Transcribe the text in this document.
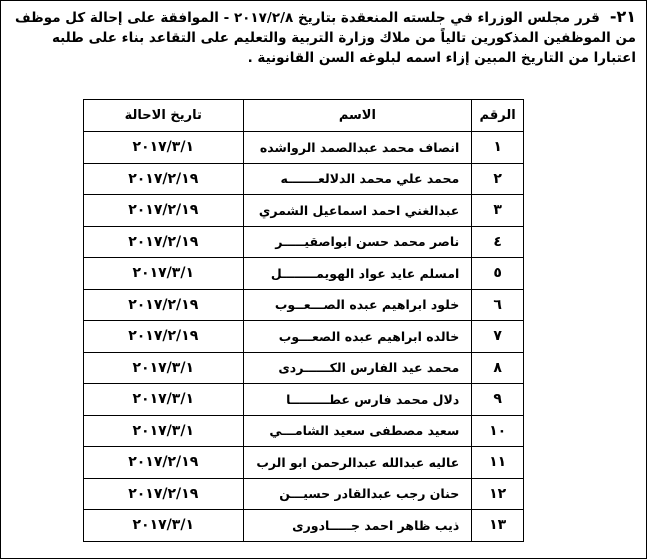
٢١-قرر مجلس الوزراء في جلسته المنعقدة بتاريخ ٢٠١٧/٢/٨ - الموافقة على إحالة كل موظف
من الموظفين المذكورين تالياً من ملاك وزارة التربية والتعليم على التقاعد بناء على طلبه
اعتبارا من التاريخ المبين إزاء اسمه لبلوغه السن القانونية .
الرقم	الاسم	تاريخ الاحالة
١	انصاف محمد عبدالصمد الرواشده	٢٠١٧/٣/١
٢	محمد علي محمد الدلالعـــــــه	٢٠١٧/٢/١٩
٣	عبدالغني احمد اسماعيل الشمري	٢٠١٧/٢/١٩
٤	ناصر محمد حسن ابواصقيـــــر	٢٠١٧/٢/١٩
٥	امسلم عايد عواد الهويمــــــــل	٢٠١٧/٣/١
٦	خلود ابراهيم عبده الصـــعــوب	٢٠١٧/٢/١٩
٧	خالده ابراهيم عبده الصعـــوب	٢٠١٧/٢/١٩
٨	محمد عيد الفارس الكــــــردى	٢٠١٧/٣/١
٩	دلال محمد فارس عطـــــــــا	٢٠١٧/٣/١
١٠	سعيد مصطفى سعيد الشامـــي	٢٠١٧/٣/١
١١	عاليه عبدالله عبدالرحمن ابو الرب	٢٠١٧/٢/١٩
١٢	حنان رجب عبدالقادر حسيـــن	٢٠١٧/٢/١٩
١٣	ذيب ظاهر احمد جـــــادورى	٢٠١٧/٣/١
